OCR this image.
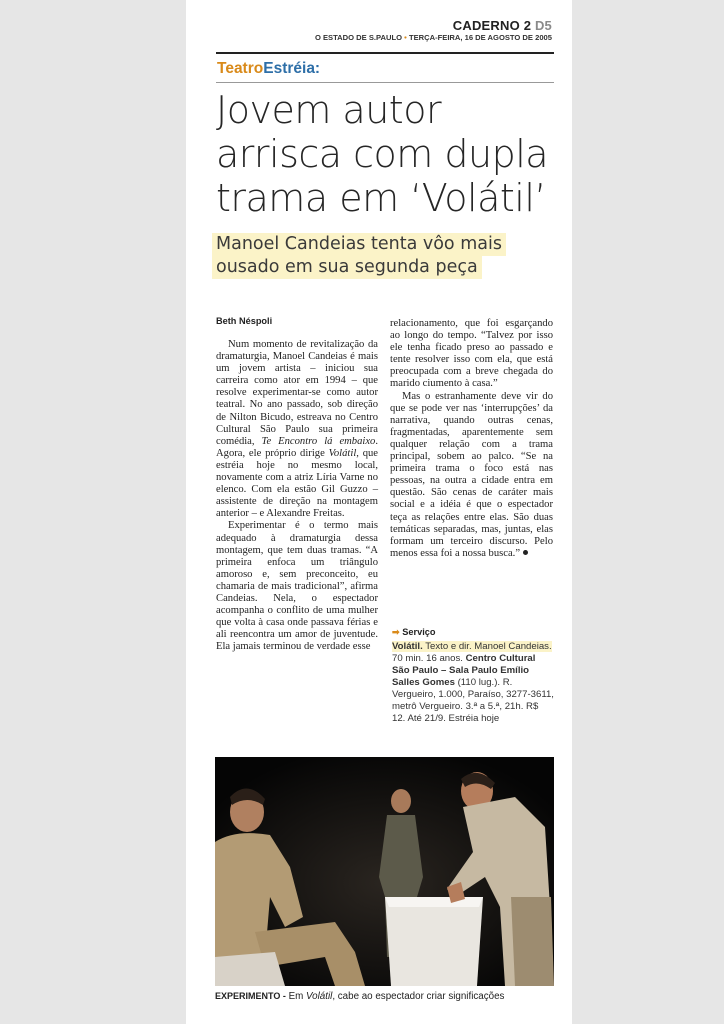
CADERNO 2 D5
O ESTADO DE S.PAULO • TERÇA-FEIRA, 16 DE AGOSTO DE 2005
TeatroEstréia:
Jovem autor
arrisca com dupla
trama em ‘Volátil’
Manoel Candeias tenta vôo mais
ousado em sua segunda peça
Beth Néspoli

Num momento de revitalização da dramaturgia, Manoel Candeias é mais um jovem artista – iniciou sua carreira como ator em 1994 – que resolve experimentar-se como autor teatral. No ano passado, sob direção de Nilton Bicudo, estreava no Centro Cultural São Paulo sua primeira comédia, Te Encontro lá embaixo. Agora, ele próprio dirige Volátil, que estréia hoje no mesmo local, novamente com a atriz Líria Varne no elenco. Com ela estão Gil Guzzo – assistente de direção na montagem anterior – e Alexandre Freitas.

Experimentar é o termo mais adequado à dramaturgia dessa montagem, que tem duas tramas. “A primeira enfoca um triângulo amoroso e, sem preconceito, eu chamaria de mais tradicional”, afirma Candeias. Nela, o espectador acompanha o conflito de uma mulher que volta à casa onde passava férias e ali reencontra um amor de juventude. Ela jamais terminou de verdade esse

relacionamento, que foi esgarçando ao longo do tempo. “Talvez por isso ele tenha ficado preso ao passado e tente resolver isso com ela, que está preocupada com a breve chegada do marido ciumento à casa.”

Mas o estranhamente deve vir do que se pode ver nas ‘interrupções’ da narrativa, quando outras cenas, fragmentadas, aparentemente sem qualquer relação com a trama principal, sobem ao palco. “Se na primeira trama o foco está nas pessoas, na outra a cidade entra em questão. São cenas de caráter mais social e a idéia é que o espectador teça as relações entre elas. São duas temáticas separadas, mas, juntas, elas formam um terceiro discurso. Pelo menos essa foi a nossa busca.”

➡ Serviço
Volátil. Texto e dir. Manoel Candeias. 70 min. 16 anos. Centro Cultural São Paulo – Sala Paulo Emílio Salles Gomes (110 lug.). R. Vergueiro, 1.000, Paraíso, 3277-3611, metrô Vergueiro. 3.ª a 5.ª, 21h. R$ 12. Até 21/9. Estréia hoje
EXPERIMENTO - Em Volátil, cabe ao espectador criar significações
